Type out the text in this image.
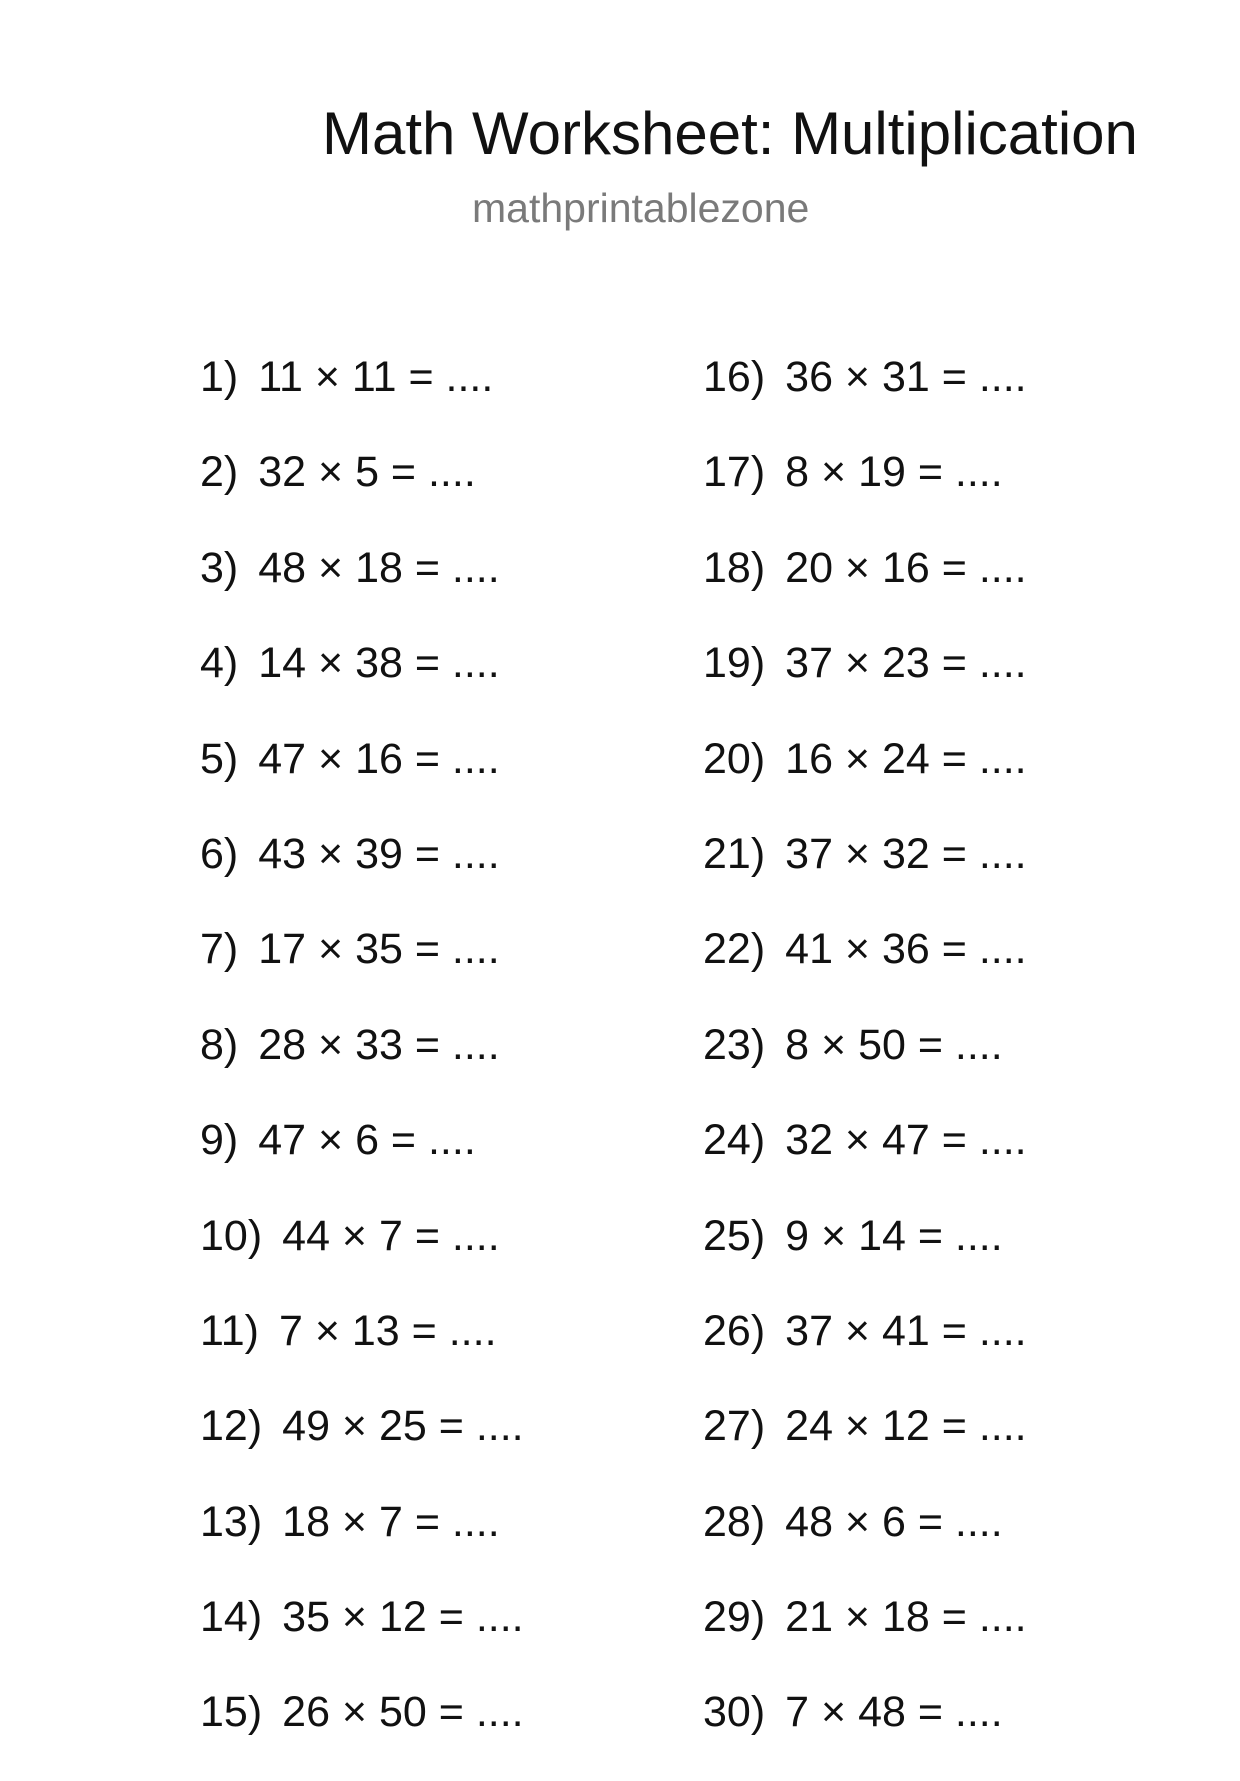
Math Worksheet: Multiplication
mathprintablezone
1) 11 × 11 = ....
2) 32 × 5 = ....
3) 48 × 18 = ....
4) 14 × 38 = ....
5) 47 × 16 = ....
6) 43 × 39 = ....
7) 17 × 35 = ....
8) 28 × 33 = ....
9) 47 × 6 = ....
10) 44 × 7 = ....
11) 7 × 13 = ....
12) 49 × 25 = ....
13) 18 × 7 = ....
14) 35 × 12 = ....
15) 26 × 50 = ....
16) 36 × 31 = ....
17) 8 × 19 = ....
18) 20 × 16 = ....
19) 37 × 23 = ....
20) 16 × 24 = ....
21) 37 × 32 = ....
22) 41 × 36 = ....
23) 8 × 50 = ....
24) 32 × 47 = ....
25) 9 × 14 = ....
26) 37 × 41 = ....
27) 24 × 12 = ....
28) 48 × 6 = ....
29) 21 × 18 = ....
30) 7 × 48 = ....
